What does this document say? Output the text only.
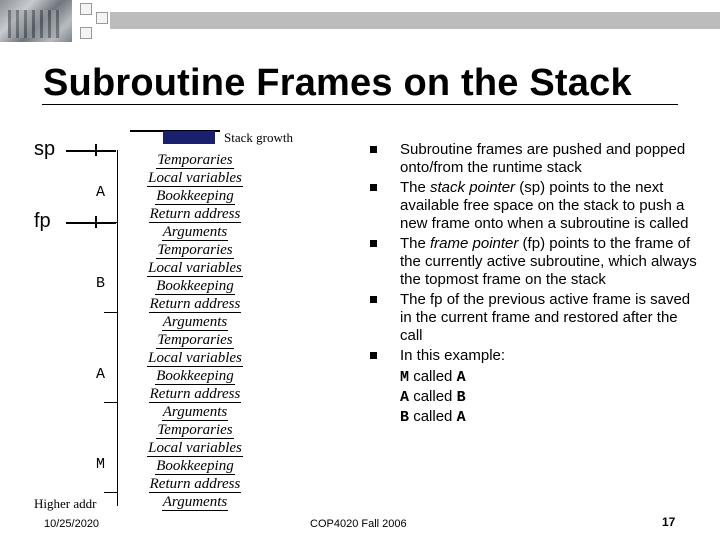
Subroutine Frames on the Stack
Stack growth
sp
fp
A
B
A
M
Higher addr
Temporaries
Local variables
Bookkeeping
Return address
Arguments
Temporaries
Local variables
Bookkeeping
Return address
Arguments
Temporaries
Local variables
Bookkeeping
Return address
Arguments
Temporaries
Local variables
Bookkeeping
Return address
Arguments
Subroutine frames are pushed and popped onto/from the runtime stack
The stack pointer (sp) points to the next available free space on the stack to push a new frame onto when a subroutine is called
The frame pointer (fp) points to the frame of the currently active subroutine, which always the topmost frame on the stack
The fp of the previous active frame is saved in the current frame and restored after the call
In this example:
M called A
A called B
B called A
10/25/2020	COP4020 Fall 2006	17
